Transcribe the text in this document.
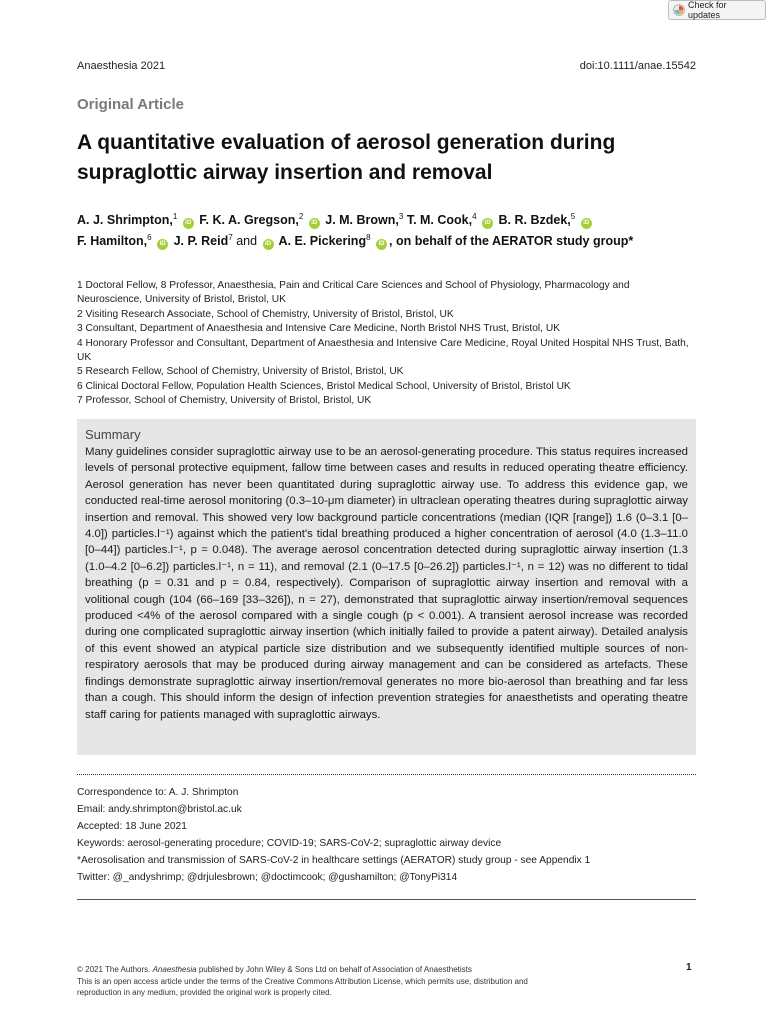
Check for updates
Anaesthesia 2021	doi:10.1111/anae.15542
Original Article
A quantitative evaluation of aerosol generation during supraglottic airway insertion and removal
A. J. Shrimpton,$^1$ iD F. K. A. Gregson,$^2$ iD J. M. Brown,$^3$ T. M. Cook,$^4$ iD B. R. Bzdek,$^5$ iD
F. Hamilton,$^6$ iD J. P. Reid$^7$ and iD A. E. Pickering$^8$ iD , on behalf of the AERATOR study group*
1 Doctoral Fellow, 8 Professor, Anaesthesia, Pain and Critical Care Sciences and School of Physiology, Pharmacology and Neuroscience, University of Bristol, Bristol, UK
2 Visiting Research Associate, School of Chemistry, University of Bristol, Bristol, UK
3 Consultant, Department of Anaesthesia and Intensive Care Medicine, North Bristol NHS Trust, Bristol, UK
4 Honorary Professor and Consultant, Department of Anaesthesia and Intensive Care Medicine, Royal United Hospital NHS Trust, Bath, UK
5 Research Fellow, School of Chemistry, University of Bristol, Bristol, UK
6 Clinical Doctoral Fellow, Population Health Sciences, Bristol Medical School, University of Bristol, Bristol UK
7 Professor, School of Chemistry, University of Bristol, Bristol, UK
Summary
Many guidelines consider supraglottic airway use to be an aerosol-generating procedure. This status requires increased levels of personal protective equipment, fallow time between cases and results in reduced operating theatre efficiency. Aerosol generation has never been quantitated during supraglottic airway use. To address this evidence gap, we conducted real-time aerosol monitoring (0.3–10-μm diameter) in ultraclean operating theatres during supraglottic airway insertion and removal. This showed very low background particle concentrations (median (IQR [range]) 1.6 (0–3.1 [0–4.0]) particles.l⁻¹) against which the patient's tidal breathing produced a higher concentration of aerosol (4.0 (1.3–11.0 [0–44]) particles.l⁻¹, p = 0.048). The average aerosol concentration detected during supraglottic airway insertion (1.3 (1.0–4.2 [0–6.2]) particles.l⁻¹, n = 11), and removal (2.1 (0–17.5 [0–26.2]) particles.l⁻¹, n = 12) was no different to tidal breathing (p = 0.31 and p = 0.84, respectively). Comparison of supraglottic airway insertion and removal with a volitional cough (104 (66–169 [33–326]), n = 27), demonstrated that supraglottic airway insertion/removal sequences produced <4% of the aerosol compared with a single cough (p < 0.001). A transient aerosol increase was recorded during one complicated supraglottic airway insertion (which initially failed to provide a patent airway). Detailed analysis of this event showed an atypical particle size distribution and we subsequently identified multiple sources of non-respiratory aerosols that may be produced during airway management and can be considered as artefacts. These findings demonstrate supraglottic airway insertion/removal generates no more bio-aerosol than breathing and far less than a cough. This should inform the design of infection prevention strategies for anaesthetists and operating theatre staff caring for patients managed with supraglottic airways.
Correspondence to: A. J. Shrimpton
Email: andy.shrimpton@bristol.ac.uk
Accepted: 18 June 2021
Keywords: aerosol-generating procedure; COVID-19; SARS-CoV-2; supraglottic airway device
*Aerosolisation and transmission of SARS-CoV-2 in healthcare settings (AERATOR) study group - see Appendix 1
Twitter: @_andyshrimp; @drjulesbrown; @doctimcook; @gushamilton; @TonyPi314
© 2021 The Authors. Anaesthesia published by John Wiley & Sons Ltd on behalf of Association of Anaesthetists
This is an open access article under the terms of the Creative Commons Attribution License, which permits use, distribution and reproduction in any medium, provided the original work is properly cited.
1
